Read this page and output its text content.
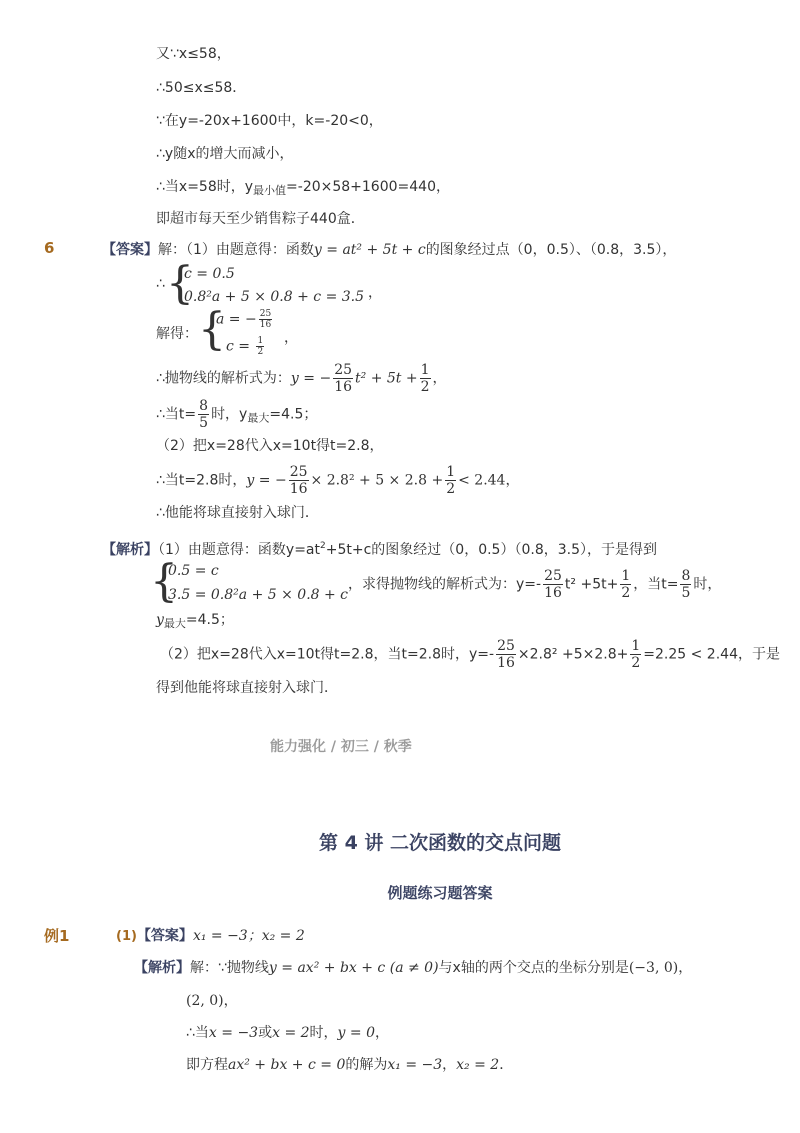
又∵x≤58，
∴50≤x≤58．
∵在y=-20x+1600中，k=-20<0，
∴y随x的增大而减小，
∴当x=58时，$y_{最小值}=-20\times 58+1600=440$，
即超市每天至少销售粽子440盒．
6	【答案】解：（1）由题意得：函数y = at² + 5t + c的图象经过点（0，0.5）、（0.8，3.5），
∴ {
c = 0.5
0.8²a + 5 × 0.8 + c = 3.5 ，
解得： {
a = − $\frac{25}{16}$
$c = \frac{1}{2}$ ，
∴抛物线的解析式为：y = − $\frac{25}{16} t^2 + 5t + \frac{1}{2}$ ，
∴当$t= \frac{8}{5}$ 时，$y_{最大}=4.5$；
（2）把x=28代入x=10t得t=2.8，
∴当t=2.8时，y = − $\frac{25}{16} \times 2.8^2 + 5 \times 2.8 + \frac{1}{2} < 2.44$，
∴他能将球直接射入球门．
【解析】（1）由题意得：函数$y=at^2+5t+c$的图象经过（0，0.5）（0.8，3.5），于是得到
{
0.5 = c
3.5 = 0.8²a + 5 × 0.8 + c
，求得抛物线的解析式为：$y=- \frac{25}{16} t^2 +5t+ \frac{1}{2}$ ，当$t= \frac{8}{5}$ 时，
$y_{最大}=4.5$；
（2）把x=28代入x=10t得t=2.8，当t=2.8时，$y=- \frac{25}{16} \times 2.8^2 +5\times 2.8+ \frac{1}{2} =2.25 < 2.44$，于是
得到他能将球直接射入球门．
能力强化 / 初三 / 秋季
第 4 讲 二次函数的交点问题
例题练习题答案
例1	(1)【答案】x₁ = −3；x₂ = 2
【解析】解：∵抛物线y = ax² + bx + c (a ≠ 0)与x轴的两个交点的坐标分别是(−3, 0)，
(2, 0)，
∴当x = −3或x = 2时，y = 0，
即方程ax² + bx + c = 0的解为x₁ = −3，x₂ = 2．
